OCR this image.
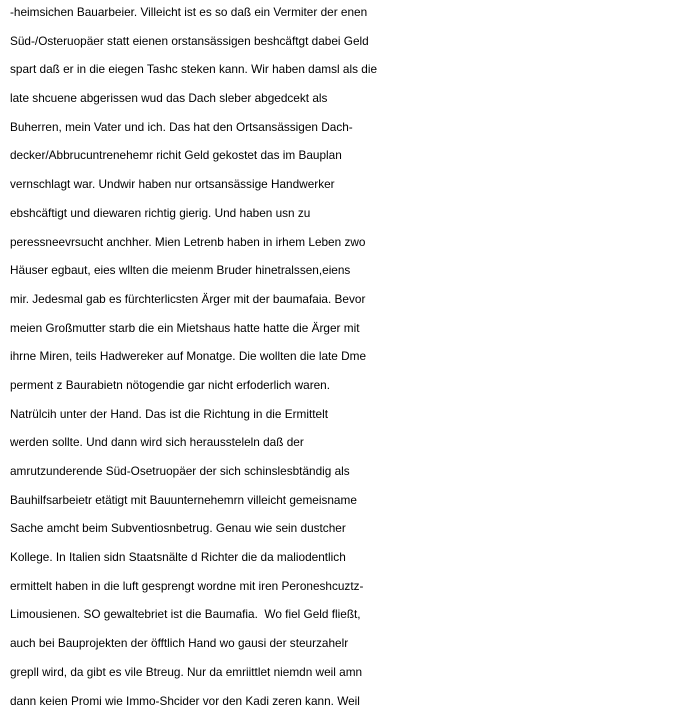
-heimsichen Bauarbeier. Villeicht ist es so daß ein Vermiter der enen
Süd-/Osteruopäer statt eienen orstansässigen beshcäftgt dabei Geld
spart daß er in die eiegen Tashc steken kann. Wir haben damsl als die
late shcuene abgerissen wud das Dach sleber abgedcekt als
Buherren, mein Vater und ich. Das hat den Ortsansässigen Dach-
decker/Abbrucuntrenehemr richit Geld gekostet das im Bauplan
vernschlagt war. Undwir haben nur ortsansässige Handwerker
ebshcäftigt und diewaren richtig gierig. Und haben usn zu
peressneevrsucht anchher. Mien Letrenb haben in irhem Leben zwo
Häuser egbaut, eies wllten die meienm Bruder hinetralssen,eiens
mir. Jedesmal gab es fürchterlicsten Ärger mit der baumafaia. Bevor
meien Großmutter starb die ein Mietshaus hatte hatte die Ärger mit
ihrne Miren, teils Hadwereker auf Monatge. Die wollten die late Dme
perment z Baurabietn nötogendie gar nicht erfoderlich waren.
Natrülcih unter der Hand. Das ist die Richtung in die Ermittelt
werden sollte. Und dann wird sich heraussteleln daß der
amrutzunderende Süd-Osetruopäer der sich schinslesbtändig als
Bauhilfsarbeietr etätigt mit Bauunternehemrn villeicht gemeisname
Sache amcht beim Subventiosnbetrug. Genau wie sein dustcher
Kollege. In Italien sidn Staatsnälte d Richter die da maliodentlich
ermittelt haben in die luft gesprengt wordne mit iren Peroneshcuztz-
Limousienen. SO gewaltebriet ist die Baumafia.  Wo fiel Geld fließt,
auch bei Bauprojekten der öfftlich Hand wo gausi der steurzahelr
grepll wird, da gibt es vile Btreug. Nur da emriittlet niemdn weil amn
dann keien Promi wie Immo-Shcider vor den Kadi zeren kann. Weil
